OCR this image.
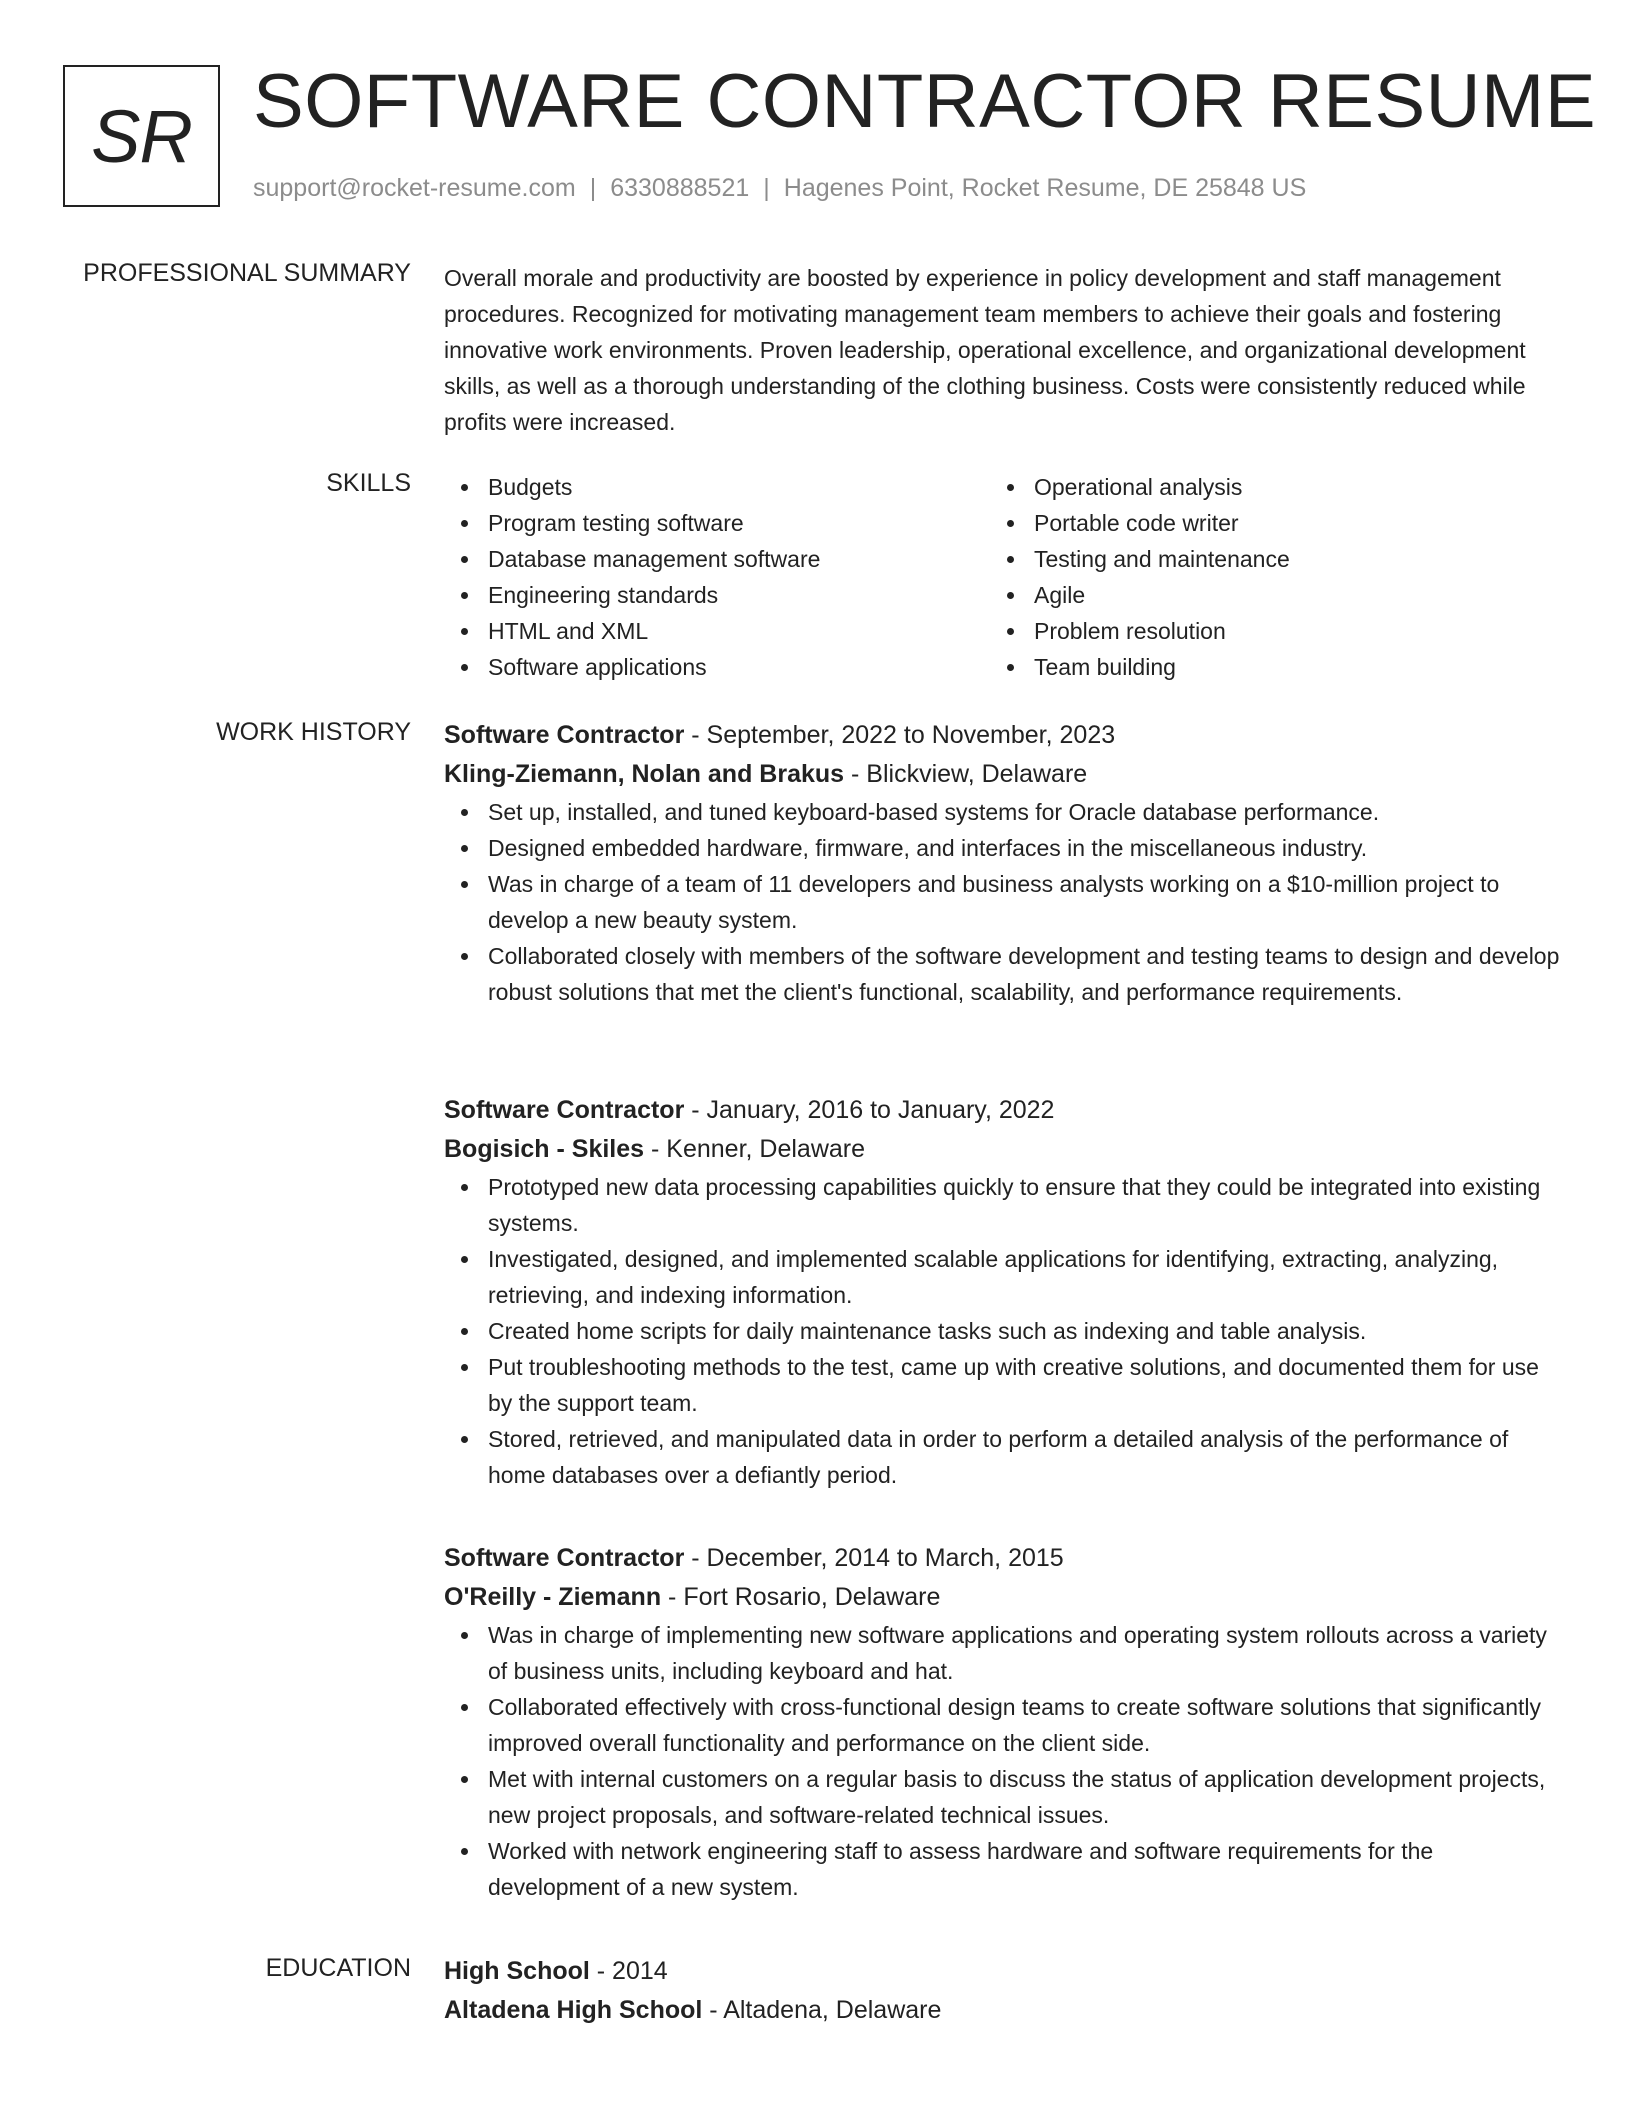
SR SOFTWARE CONTRACTOR RESUME
support@rocket-resume.com | 6330888521 | Hagenes Point, Rocket Resume, DE 25848 US
PROFESSIONAL SUMMARY Overall morale and productivity are boosted by experience in policy development and staff management procedures. Recognized for motivating management team members to achieve their goals and fostering innovative work environments. Proven leadership, operational excellence, and organizational development skills, as well as a thorough understanding of the clothing business. Costs were consistently reduced while profits were increased.
SKILLS	Budgets
Program testing software
Database management software
Engineering standards
HTML and XML
Software applications
Operational analysis
Portable code writer
Testing and maintenance
Agile
Problem resolution
Team building
WORK HISTORY Software Contractor - September, 2022 to November, 2023
Kling-Ziemann, Nolan and Brakus - Blickview, Delaware
Set up, installed, and tuned keyboard-based systems for Oracle database performance.
Designed embedded hardware, firmware, and interfaces in the miscellaneous industry.
Was in charge of a team of 11 developers and business analysts working on a $10-million project to develop a new beauty system.
Collaborated closely with members of the software development and testing teams to design and develop robust solutions that met the client's functional, scalability, and performance requirements.
Software Contractor - January, 2016 to January, 2022
Bogisich - Skiles - Kenner, Delaware
Prototyped new data processing capabilities quickly to ensure that they could be integrated into existing systems.
Investigated, designed, and implemented scalable applications for identifying, extracting, analyzing, retrieving, and indexing information.
Created home scripts for daily maintenance tasks such as indexing and table analysis.
Put troubleshooting methods to the test, came up with creative solutions, and documented them for use by the support team.
Stored, retrieved, and manipulated data in order to perform a detailed analysis of the performance of home databases over a defiantly period.
Software Contractor - December, 2014 to March, 2015
O'Reilly - Ziemann - Fort Rosario, Delaware
Was in charge of implementing new software applications and operating system rollouts across a variety of business units, including keyboard and hat.
Collaborated effectively with cross-functional design teams to create software solutions that significantly improved overall functionality and performance on the client side.
Met with internal customers on a regular basis to discuss the status of application development projects, new project proposals, and software-related technical issues.
Worked with network engineering staff to assess hardware and software requirements for the development of a new system.
EDUCATION High School - 2014
Altadena High School - Altadena, Delaware
